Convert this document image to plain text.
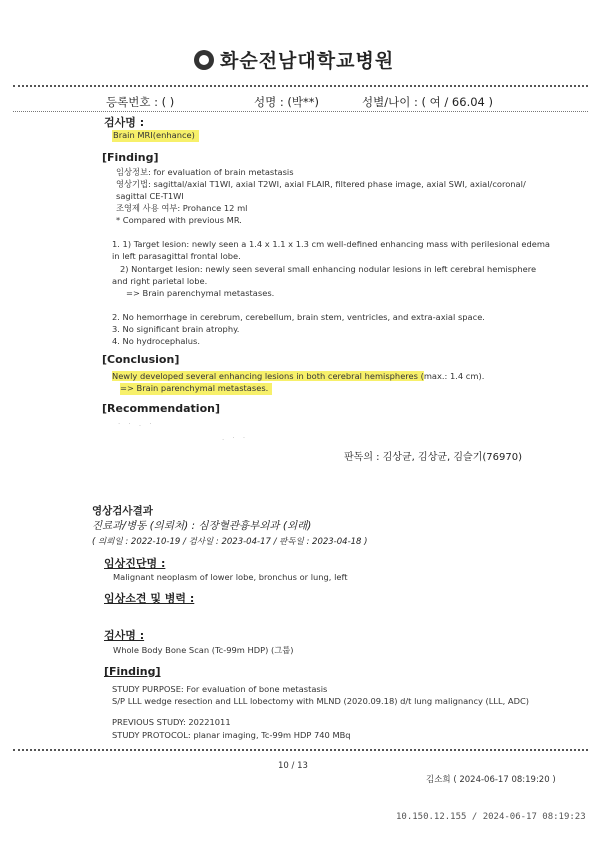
화순전남대학교병원
등록번호 : ( )	성명 : (박**)	성별/나이 : ( 여 / 66.04 )
검사명 :
Brain MRI(enhance)
[Finding]
임상정보: for evaluation of brain metastasis
영상기법: sagittal/axial T1WI, axial T2WI, axial FLAIR, filtered phase image, axial SWI, axial/coronal/
sagittal CE-T1WI
조영제 사용 여부: Prohance 12 ml
* Compared with previous MR.
1. 1) Target lesion: newly seen a 1.4 x 1.1 x 1.3 cm well-defined enhancing mass with perilesional edema
in left parasagittal frontal lobe.
2) Nontarget lesion: newly seen several small enhancing nodular lesions in left cerebral hemisphere
and right parietal lobe.
=> Brain parenchymal metastases.
2. No hemorrhage in cerebrum, cerebellum, brain stem, ventricles, and extra-axial space.
3. No significant brain atrophy.
4. No hydrocephalus.
[Conclusion]
Newly developed several enhancing lesions in both cerebral hemispheres (max.: 1.4 cm).
=> Brain parenchymal metastases.
[Recommendation]
· · . ·
. · ·
판독의 : 김상균, 김상균, 김슬기(76970)
영상검사결과
진료과/병동 (의뢰처) : 심장혈관흉부외과 (외래)
( 의뢰일 : 2022-10-19 / 검사일 : 2023-04-17 / 판독일 : 2023-04-18 )
임상진단명 :
Malignant neoplasm of lower lobe, bronchus or lung, left
임상소견 및 병력 :
검사명 :
Whole Body Bone Scan (Tc-99m HDP) (그룹)
[Finding]
STUDY PURPOSE: For evaluation of bone metastasis
S/P LLL wedge resection and LLL lobectomy with MLND (2020.09.18) d/t lung malignancy (LLL, ADC)
PREVIOUS STUDY: 20221011
STUDY PROTOCOL: planar imaging, Tc-99m HDP 740 MBq
10 / 13
김소희 ( 2024-06-17 08:19:20 )
10.150.12.155 / 2024-06-17 08:19:23
